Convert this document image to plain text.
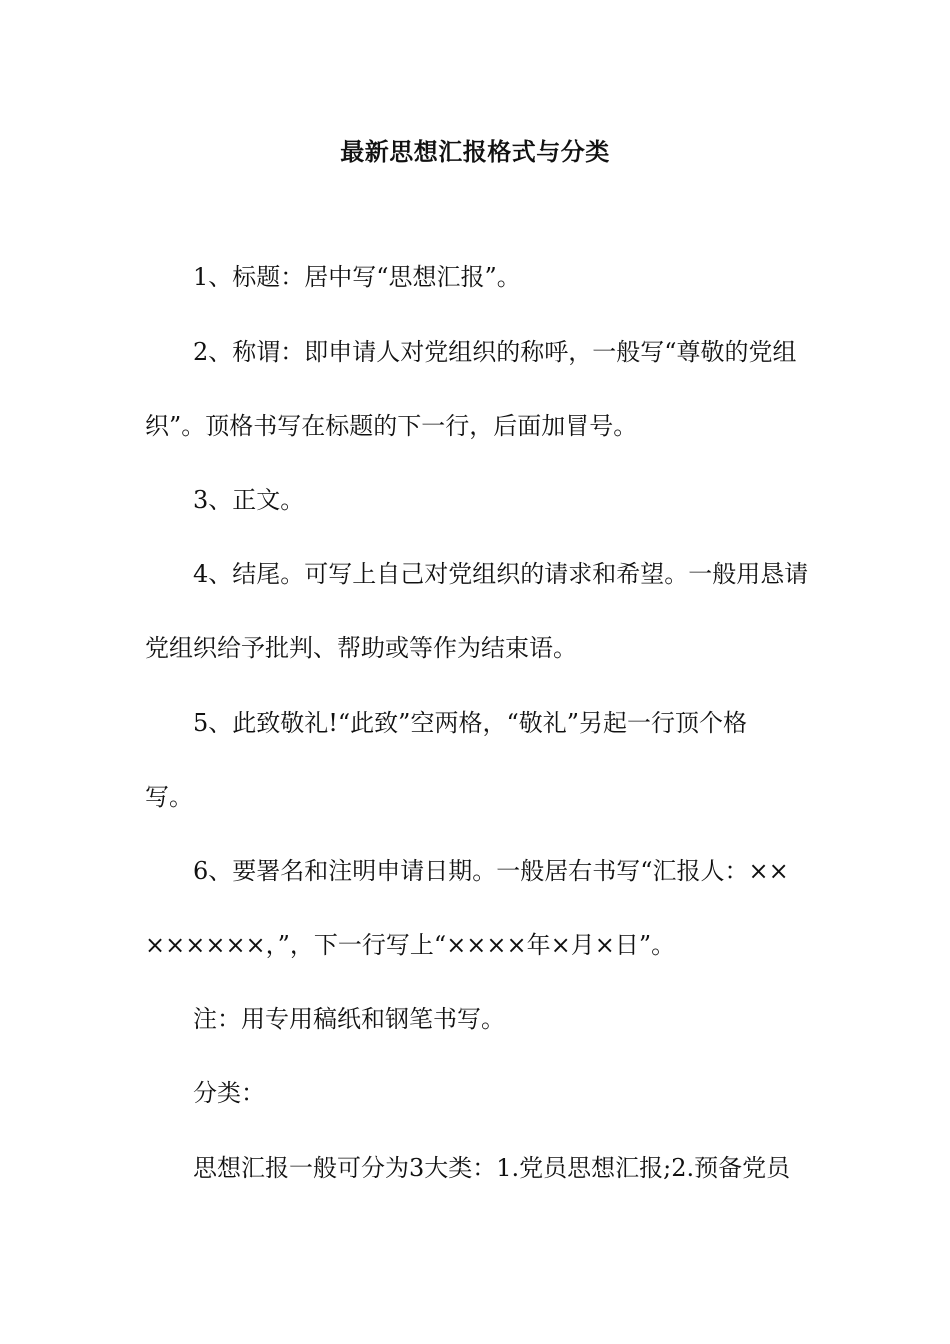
最新思想汇报格式与分类
1、标题：居中写“思想汇报”。
2、称谓：即申请人对党组织的称呼，一般写“尊敬的党组
织”。顶格书写在标题的下一行，后面加冒号。
3、正文。
4、结尾。可写上自己对党组织的请求和希望。一般用恳请
党组织给予批判、帮助或等作为结束语。
5、此致敬礼!“此致”空两格，“敬礼”另起一行顶个格
写。
6、要署名和注明申请日期。一般居右书写“汇报人：××
××××××，”，下一行写上“××××年×月×日”。
注：用专用稿纸和钢笔书写。
分类：
思想汇报一般可分为3大类：1.党员思想汇报;2.预备党员
